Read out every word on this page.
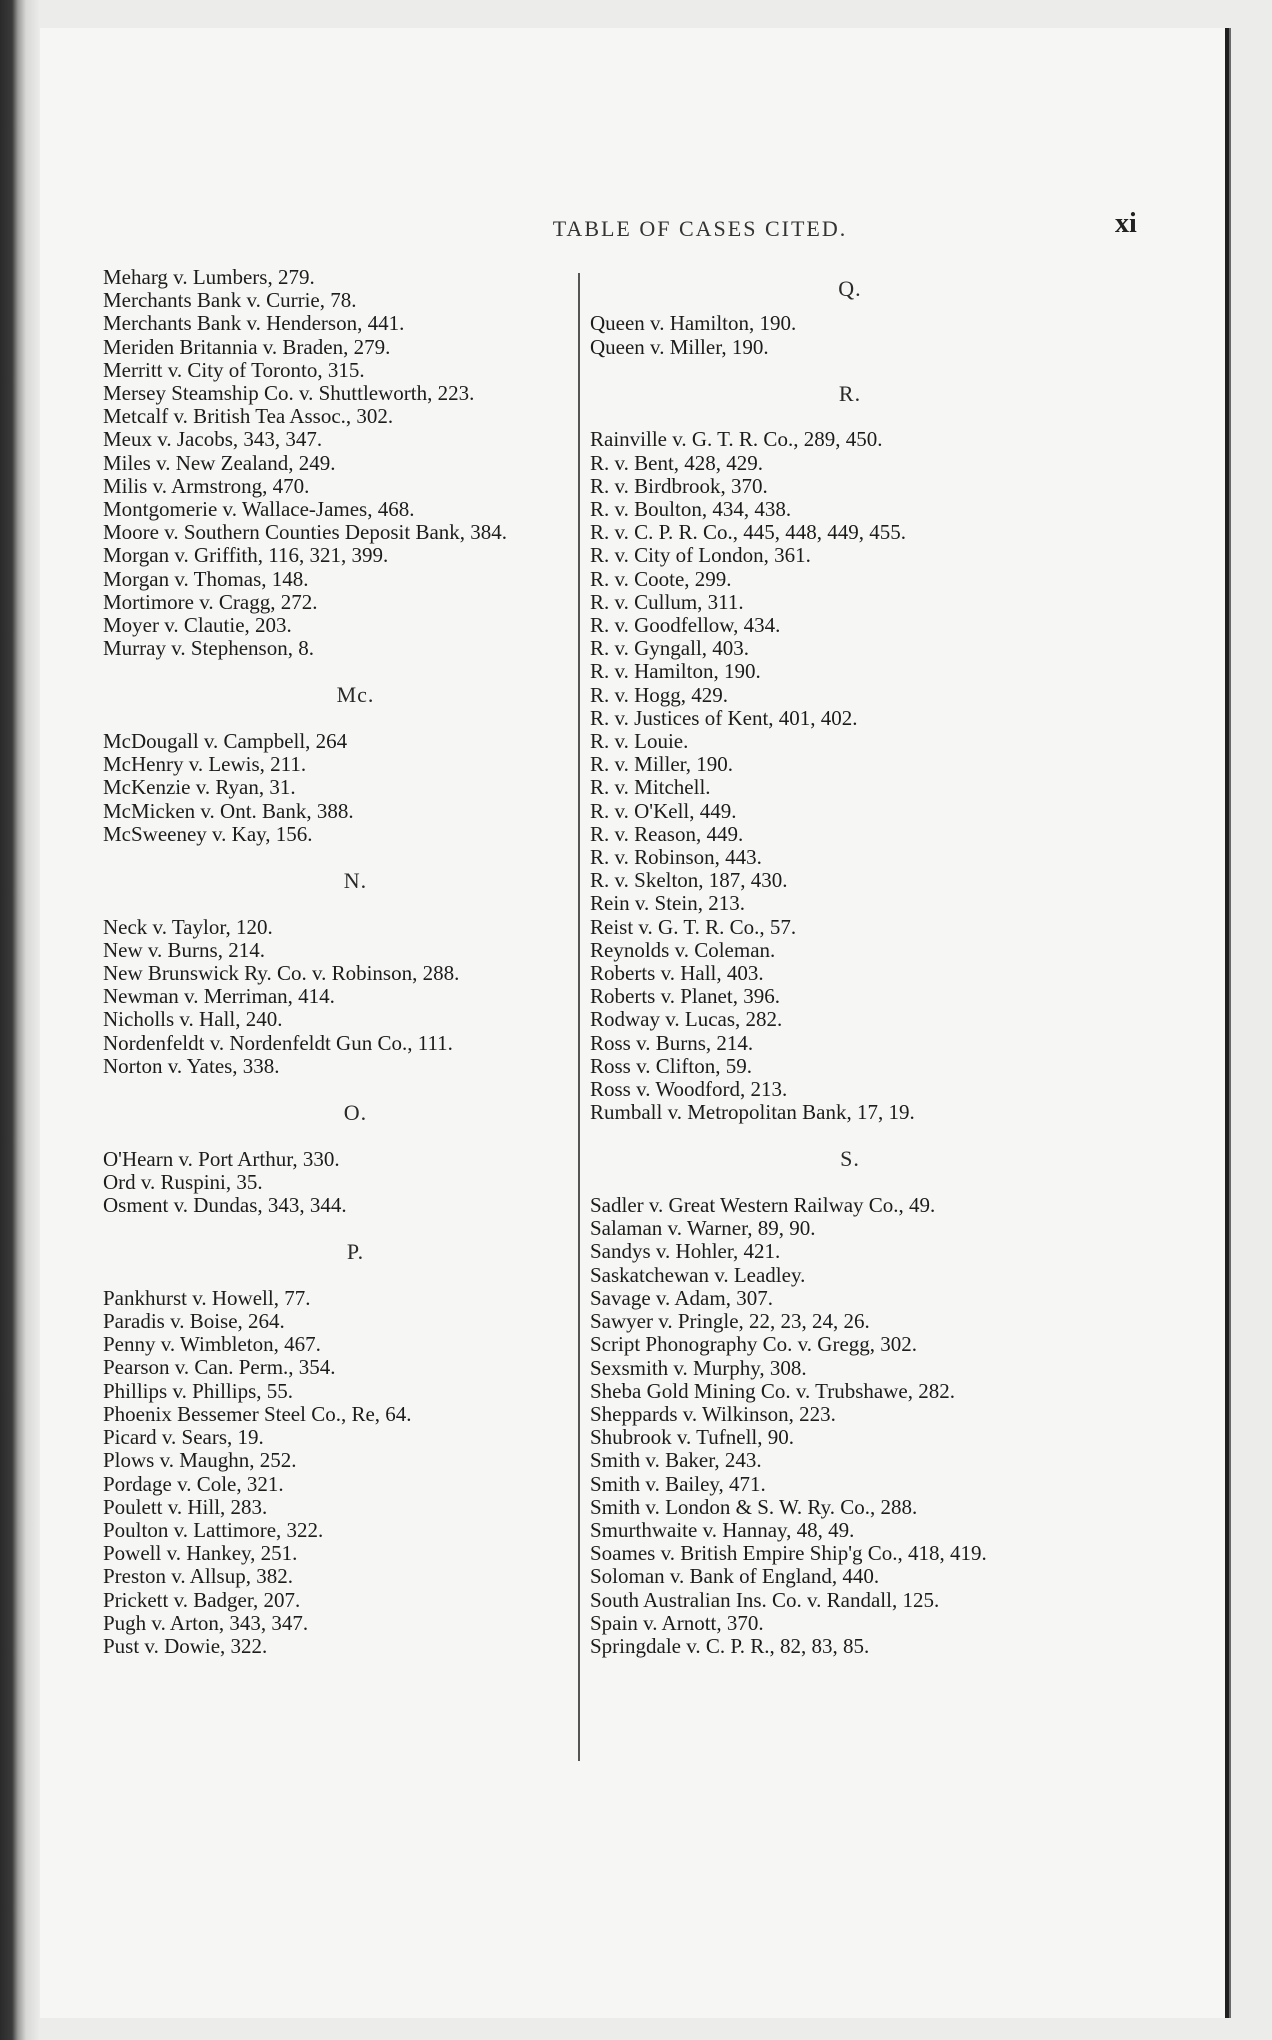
TABLE OF CASES CITED.	xi
Meharg v. Lumbers, 279.
Merchants Bank v. Currie, 78.
Merchants Bank v. Henderson, 441.
Meriden Britannia v. Braden, 279.
Merritt v. City of Toronto, 315.
Mersey Steamship Co. v. Shuttleworth, 223.
Metcalf v. British Tea Assoc., 302.
Meux v. Jacobs, 343, 347.
Miles v. New Zealand, 249.
Milis v. Armstrong, 470.
Montgomerie v. Wallace-James, 468.
Moore v. Southern Counties Deposit Bank, 384.
Morgan v. Griffith, 116, 321, 399.
Morgan v. Thomas, 148.
Mortimore v. Cragg, 272.
Moyer v. Clautie, 203.
Murray v. Stephenson, 8.
Mc.
McDougall v. Campbell, 264
McHenry v. Lewis, 211.
McKenzie v. Ryan, 31.
McMicken v. Ont. Bank, 388.
McSweeney v. Kay, 156.
N.
Neck v. Taylor, 120.
New v. Burns, 214.
New Brunswick Ry. Co. v. Robinson, 288.
Newman v. Merriman, 414.
Nicholls v. Hall, 240.
Nordenfeldt v. Nordenfeldt Gun Co., 111.
Norton v. Yates, 338.
O.
O'Hearn v. Port Arthur, 330.
Ord v. Ruspini, 35.
Osment v. Dundas, 343, 344.
P.
Pankhurst v. Howell, 77.
Paradis v. Boise, 264.
Penny v. Wimbleton, 467.
Pearson v. Can. Perm., 354.
Phillips v. Phillips, 55.
Phoenix Bessemer Steel Co., Re, 64.
Picard v. Sears, 19.
Plows v. Maughn, 252.
Pordage v. Cole, 321.
Poulett v. Hill, 283.
Poulton v. Lattimore, 322.
Powell v. Hankey, 251.
Preston v. Allsup, 382.
Prickett v. Badger, 207.
Pugh v. Arton, 343, 347.
Pust v. Dowie, 322.
Q.
Queen v. Hamilton, 190.
Queen v. Miller, 190.
R.
Rainville v. G. T. R. Co., 289, 450.
R. v. Bent, 428, 429.
R. v. Birdbrook, 370.
R. v. Boulton, 434, 438.
R. v. C. P. R. Co., 445, 448, 449, 455.
R. v. City of London, 361.
R. v. Coote, 299.
R. v. Cullum, 311.
R. v. Goodfellow, 434.
R. v. Gyngall, 403.
R. v. Hamilton, 190.
R. v. Hogg, 429.
R. v. Justices of Kent, 401, 402.
R. v. Louie.
R. v. Miller, 190.
R. v. Mitchell.
R. v. O'Kell, 449.
R. v. Reason, 449.
R. v. Robinson, 443.
R. v. Skelton, 187, 430.
Rein v. Stein, 213.
Reist v. G. T. R. Co., 57.
Reynolds v. Coleman.
Roberts v. Hall, 403.
Roberts v. Planet, 396.
Rodway v. Lucas, 282.
Ross v. Burns, 214.
Ross v. Clifton, 59.
Ross v. Woodford, 213.
Rumball v. Metropolitan Bank, 17, 19.
S.
Sadler v. Great Western Railway Co., 49.
Salaman v. Warner, 89, 90.
Sandys v. Hohler, 421.
Saskatchewan v. Leadley.
Savage v. Adam, 307.
Sawyer v. Pringle, 22, 23, 24, 26.
Script Phonography Co. v. Gregg, 302.
Sexsmith v. Murphy, 308.
Sheba Gold Mining Co. v. Trubshawe, 282.
Sheppards v. Wilkinson, 223.
Shubrook v. Tufnell, 90.
Smith v. Baker, 243.
Smith v. Bailey, 471.
Smith v. London & S. W. Ry. Co., 288.
Smurthwaite v. Hannay, 48, 49.
Soames v. British Empire Ship'g Co., 418, 419.
Soloman v. Bank of England, 440.
South Australian Ins. Co. v. Randall, 125.
Spain v. Arnott, 370.
Springdale v. C. P. R., 82, 83, 85.
